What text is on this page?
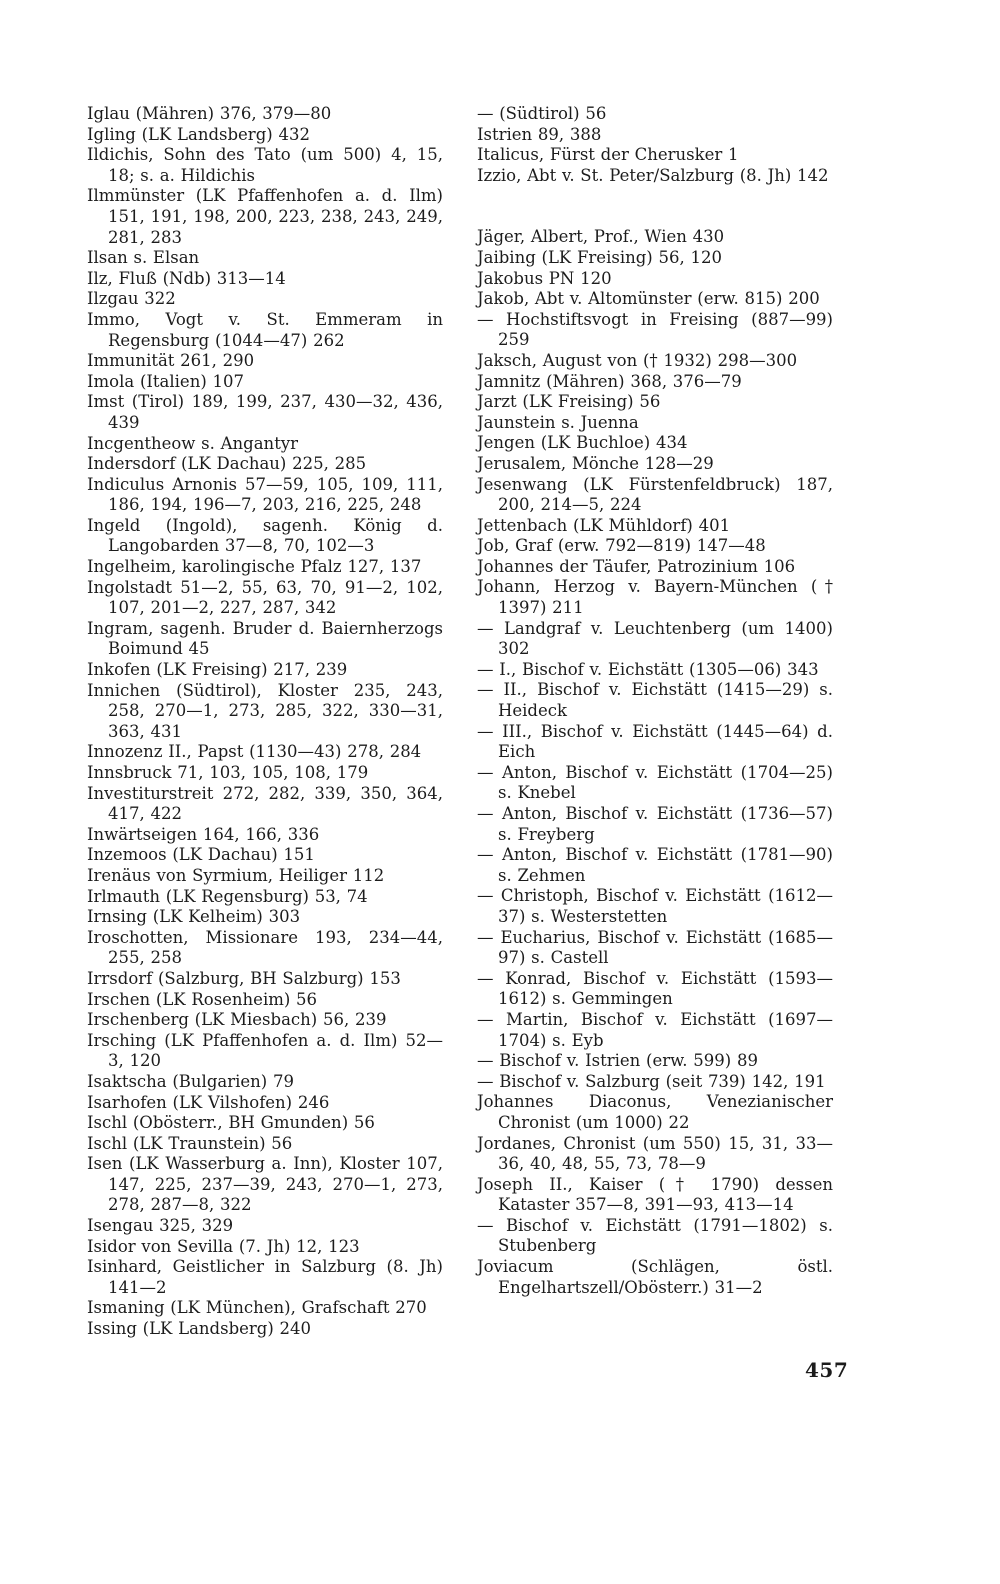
Iglau (Mähren) 376, 379—80

Igling (LK Landsberg) 432

Ildichis, Sohn des Tato (um 500) 4, 15, 18; s. a. Hildichis

Ilmmünster (LK Pfaffenhofen a. d. Ilm) 151, 191, 198, 200, 223, 238, 243, 249, 281, 283

Ilsan s. Elsan

Ilz, Fluß (Ndb) 313—14

Ilzgau 322

Immo, Vogt v. St. Emmeram in Regensburg (1044—47) 262

Immunität 261, 290

Imola (Italien) 107

Imst (Tirol) 189, 199, 237, 430—32, 436, 439

Incgentheow s. Angantyr

Indersdorf (LK Dachau) 225, 285

Indiculus Arnonis 57—59, 105, 109, 111, 186, 194, 196—7, 203, 216, 225, 248

Ingeld (Ingold), sagenh. König d. Langobarden 37—8, 70, 102—3

Ingelheim, karolingische Pfalz 127, 137

Ingolstadt 51—2, 55, 63, 70, 91—2, 102, 107, 201—2, 227, 287, 342

Ingram, sagenh. Bruder d. Baiernherzogs Boimund 45

Inkofen (LK Freising) 217, 239

Innichen (Südtirol), Kloster 235, 243, 258, 270—1, 273, 285, 322, 330—31, 363, 431

Innozenz II., Papst (1130—43) 278, 284

Innsbruck 71, 103, 105, 108, 179

Investiturstreit 272, 282, 339, 350, 364, 417, 422

Inwärtseigen 164, 166, 336

Inzemoos (LK Dachau) 151

Irenäus von Syrmium, Heiliger 112

Irlmauth (LK Regensburg) 53, 74

Irnsing (LK Kelheim) 303

Iroschotten, Missionare 193, 234—44, 255, 258

Irrsdorf (Salzburg, BH Salzburg) 153

Irschen (LK Rosenheim) 56

Irschenberg (LK Miesbach) 56, 239

Irsching (LK Pfaffenhofen a. d. Ilm) 52—3, 120

Isaktscha (Bulgarien) 79

Isarhofen (LK Vilshofen) 246

Ischl (Obösterr., BH Gmunden) 56

Ischl (LK Traunstein) 56

Isen (LK Wasserburg a. Inn), Kloster 107, 147, 225, 237—39, 243, 270—1, 273, 278, 287—8, 322

Isengau 325, 329

Isidor von Sevilla (7. Jh) 12, 123

Isinhard, Geistlicher in Salzburg (8. Jh) 141—2

Ismaning (LK München), Grafschaft 270

Issing (LK Landsberg) 240

— (Südtirol) 56

Istrien 89, 388

Italicus, Fürst der Cherusker 1

Izzio, Abt v. St. Peter/Salzburg (8. Jh) 142

Jäger, Albert, Prof., Wien 430

Jaibing (LK Freising) 56, 120

Jakobus PN 120

Jakob, Abt v. Altomünster (erw. 815) 200

— Hochstiftsvogt in Freising (887—99) 259

Jaksch, August von († 1932) 298—300

Jamnitz (Mähren) 368, 376—79

Jarzt (LK Freising) 56

Jaunstein s. Juenna

Jengen (LK Buchloe) 434

Jerusalem, Mönche 128—29

Jesenwang (LK Fürstenfeldbruck) 187, 200, 214—5, 224

Jettenbach (LK Mühldorf) 401

Job, Graf (erw. 792—819) 147—48

Johannes der Täufer, Patrozinium 106

Johann, Herzog v. Bayern-München († 1397) 211

— Landgraf v. Leuchtenberg (um 1400) 302

— I., Bischof v. Eichstätt (1305—06) 343

— II., Bischof v. Eichstätt (1415—29) s. Heideck

— III., Bischof v. Eichstätt (1445—64) d. Eich

— Anton, Bischof v. Eichstätt (1704—25) s. Knebel

— Anton, Bischof v. Eichstätt (1736—57) s. Freyberg

— Anton, Bischof v. Eichstätt (1781—90) s. Zehmen

— Christoph, Bischof v. Eichstätt (1612—37) s. Westerstetten

— Eucharius, Bischof v. Eichstätt (1685—97) s. Castell

— Konrad, Bischof v. Eichstätt (1593—1612) s. Gemmingen

— Martin, Bischof v. Eichstätt (1697—1704) s. Eyb

— Bischof v. Istrien (erw. 599) 89

— Bischof v. Salzburg (seit 739) 142, 191

Johannes Diaconus, Venezianischer Chronist (um 1000) 22

Jordanes, Chronist (um 550) 15, 31, 33—36, 40, 48, 55, 73, 78—9

Joseph II., Kaiser († 1790) dessen Kataster 357—8, 391—93, 413—14

— Bischof v. Eichstätt (1791—1802) s. Stubenberg

Joviacum (Schlägen, östl. Engelhartszell/Obösterr.) 31—2

457
